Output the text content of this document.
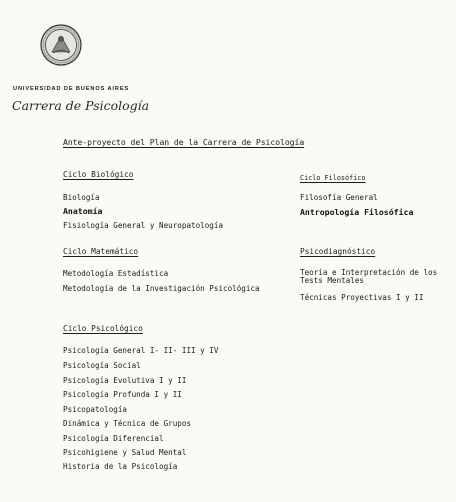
UNIVERSIDAD DE BUENOS AIRES
Carrera de Psicología
Ante-proyecto del Plan de la Carrera de Psicología
Ciclo Biológico
Biología
Anatomía
Fisiología General y Neuropatología
Ciclo Matemático
Metodología Estadística
Metodología de la Investigación Psicológica
Ciclo Psicológico
Psicología General I- II- III y IV
Psicología Social
Psicología Evolutiva I y II
Psicología Profunda I y II
Psicopatología
Dinámica y Técnica de Grupos
Psicología Diferencial
Psicohigiene y Salud Mental
Historia de la Psicología
Ciclo Filosófico
Filosofía General
Antropología Filosófica
Psicodiagnóstico
Teoría e Interpretación de los Tests Mentales
Técnicas Proyectivas I y II
